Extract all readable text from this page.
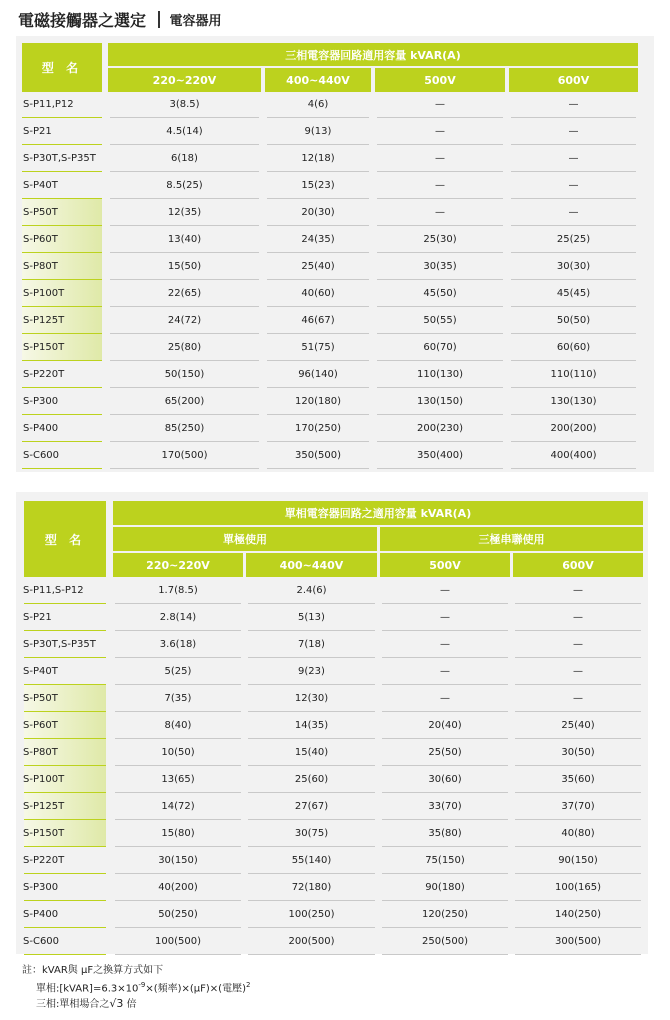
電磁接觸器之選定 電容器用
型 名
三相電容器回路適用容量 kVAR(A)
220~220V	400~440V	500V	600V
S-P11,P12	3(8.5)	4(6)	—	—
S-P21	4.5(14)	9(13)	—	—
S-P30T,S-P35T	6(18)	12(18)	—	—
S-P40T	8.5(25)	15(23)	—	—
S-P50T	12(35)	20(30)	—	—
S-P60T	13(40)	24(35)	25(30)	25(25)
S-P80T	15(50)	25(40)	30(35)	30(30)
S-P100T	22(65)	40(60)	45(50)	45(45)
S-P125T	24(72)	46(67)	50(55)	50(50)
S-P150T	25(80)	51(75)	60(70)	60(60)
S-P220T	50(150)	96(140)	110(130)	110(110)
S-P300	65(200)	120(180)	130(150)	130(130)
S-P400	85(250)	170(250)	200(230)	200(200)
S-C600	170(500)	350(500)	350(400)	400(400)
型 名
單相電容器回路之適用容量 kVAR(A)
單極使用	三極串聯使用
220~220V	400~440V	500V	600V
S-P11,S-P12	1.7(8.5)	2.4(6)	—	—
S-P21	2.8(14)	5(13)	—	—
S-P30T,S-P35T	3.6(18)	7(18)	—	—
S-P40T	5(25)	9(23)	—	—
S-P50T	7(35)	12(30)	—	—
S-P60T	8(40)	14(35)	20(40)	25(40)
S-P80T	10(50)	15(40)	25(50)	30(50)
S-P100T	13(65)	25(60)	30(60)	35(60)
S-P125T	14(72)	27(67)	33(70)	37(70)
S-P150T	15(80)	30(75)	35(80)	40(80)
S-P220T	30(150)	55(140)	75(150)	90(150)
S-P300	40(200)	72(180)	90(180)	100(165)
S-P400	50(250)	100(250)	120(250)	140(250)
S-C600	100(500)	200(500)	250(500)	300(500)
註：kVAR與 μF之換算方式如下
單相$:[kVAR]=6.3\times 10^{-9}\times$(頻率)×(μF)×(電壓)$^2$
三相:單相場合之√3 倍
